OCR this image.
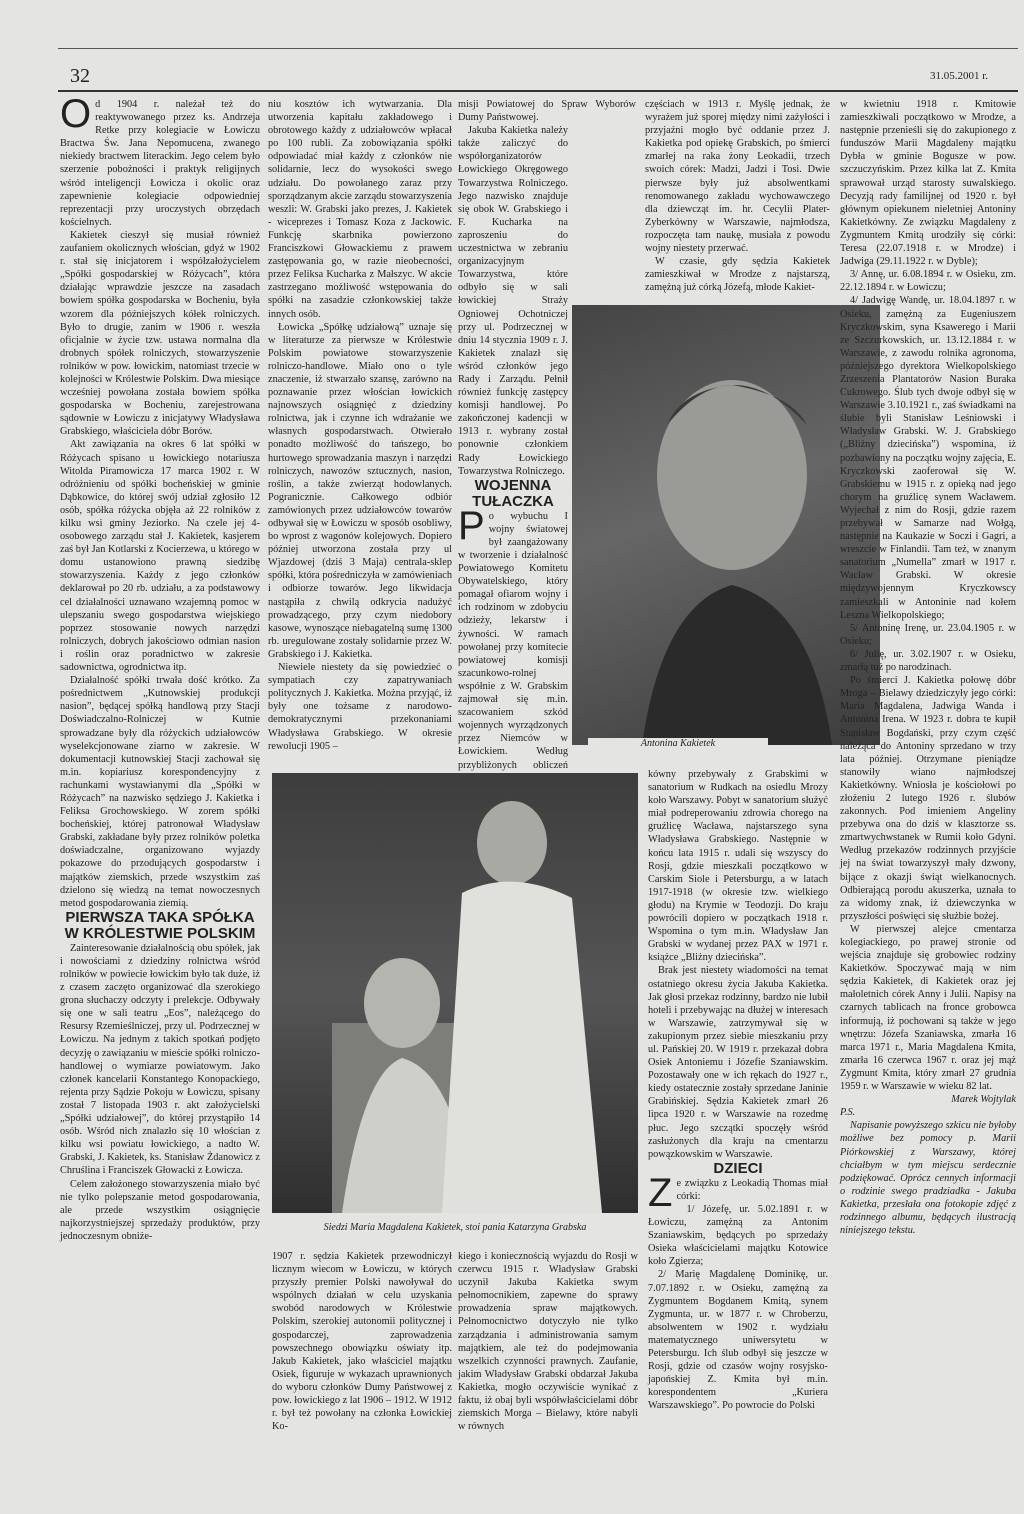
32	31.05.2001 r.

Od 1904 r. należał też do reaktywowanego przez ks. Andrzeja Retke przy kolegiacie w Łowiczu Bractwa Św. Jana Nepomucena, zwanego niekiedy bractwem literackim. Jego celem było szerzenie pobożności i praktyk religijnych wśród inteligencji Łowicza i okolic oraz zapewnienie kolegiacie odpowiedniej reprezentacji przy uroczystych obrzędach kościelnych.

Kakietek cieszył się musiał również zaufaniem okolicznych włościan, gdyż w 1902 r. stał się inicjatorem i współzałożycielem „Spółki gospodarskiej w Różycach”, która działając wprawdzie jeszcze na zasadach bowiem spółka gospodarska w Bocheniu, była wzorem dla późniejszych kółek rolniczych. Było to drugie, zanim w 1906 r. weszła oficjalnie w życie tzw. ustawa normalna dla drobnych spółek rolniczych, stowarzyszenie rolników w pow. łowickim, natomiast trzecie w kolejności w Królestwie Polskim. Dwa miesiące wcześniej powołana została bowiem spółka gospodarska w Bocheniu, zarejestrowana sądownie w Łowiczu z inicjatywy Władysława Grabskiego, właściciela dóbr Borów.

Akt zawiązania na okres 6 lat spółki w Różycach spisano u łowickiego notariusza Witolda Piramowicza 17 marca 1902 r. W odróżnieniu od spółki bocheńskiej w gminie Dąbkowice, do której swój udział zgłosiło 12 osób, spółka różycka objęła aż 22 rolników z kilku wsi gminy Jeziorko. Na czele jej 4-osobowego zarządu stał J. Kakietek, kasjerem zaś był Jan Kotlarski z Kocierzewa, u którego w domu ustanowiono prawną siedzibę stowarzyszenia. Każdy z jego członków deklarował po 20 rb. udziału, a za podstawowy cel działalności uznawano wzajemną pomoc w ulepszaniu swego gospodarstwa wiejskiego poprzez stosowanie nowych narzędzi rolniczych, dobrych jakościowo odmian nasion i roślin oraz poradnictwo w zakresie sadownictwa, ogrodnictwa itp.

Działalność spółki trwała dość krótko. Za pośrednictwem „Kutnowskiej produkcji nasion”, będącej spółką handlową przy Stacji Doświadczalno-Rolniczej w Kutnie sprowadzane były dla różyckich udziałowców wyselekcjonowane ziarno w zakresie. W dokumentacji kutnowskiej Stacji zachował się m.in. kopiariusz korespondencyjny z rachunkami wystawianymi dla „Spółki w Różycach” na nazwisko sędziego J. Kakietka i Feliksa Grochowskiego. W zorem spółki bocheńskiej, której patronował Władysław Grabski, zakładane były przez rolników poletka doświadczalne, organizowano wyjazdy pokazowe do przodujących gospodarstw i majątków ziemskich, przede wszystkim zaś dzielono się wiedzą na temat nowoczesnych metod gospodarowania ziemią.

PIERWSZA TAKA SPÓŁKA W KRÓLESTWIE POLSKIM

Zainteresowanie działalnością obu spółek, jak i nowościami z dziedziny rolnictwa wśród rolników w powiecie łowickim było tak duże, iż z czasem zaczęto organizować dla szerokiego grona słuchaczy odczyty i prelekcje. Odbywały się one w sali teatru „Eos”, należącego do Resursy Rzemieślniczej, przy ul. Podrzecznej w Łowiczu. Na jednym z takich spotkań podjęto decyzję o zawiązaniu w mieście spółki rolniczo-handlowej o wymiarze powiatowym. Jako członek kancelarii Konstantego Konopackiego, rejenta przy Sądzie Pokoju w Łowiczu, spisany został 7 listopada 1903 r. akt założycielski „Spółki udziałowej”, do której przystąpiło 14 osób. Wśród nich znalazło się 10 włościan z kilku wsi powiatu łowickiego, a nadto W. Grabski, J. Kakietek, ks. Stanisław Żdanowicz z Chruślina i Franciszek Głowacki z Łowicza.

Celem założonego stowarzyszenia miało być nie tylko polepszanie metod gospodarowania, ale przede wszystkim osiągnięcie najkorzystniejszej sprzedaży produktów, przy jednoczesnym obniże-

niu kosztów ich wytwarzania. Dla utworzenia kapitału zakładowego i obrotowego każdy z udziałowców wpłacał po 100 rubli. Za zobowiązania spółki odpowiadać miał każdy z członków nie solidarnie, lecz do wysokości swego udziału. Do powołanego zaraz przy sporządzanym akcie zarządu stowarzyszenia weszli: W. Grabski jako prezes, J. Kakietek - wiceprezes i Tomasz Koza z Jackowic. Funkcję skarbnika powierzono Franciszkowi Głowackiemu z prawem zastępowania go, w razie nieobecności, przez Feliksa Kucharka z Małszyc. W akcie zastrzegano możliwość wstępowania do spółki na zasadzie członkowskiej także innych osób.

Łowicka „Spółkę udziałową” uznaje się w literaturze za pierwsze w Królestwie Polskim powiatowe stowarzyszenie rolniczo-handlowe. Miało ono o tyle znaczenie, iż stwarzało szansę, zarówno na poznawanie przez włościan łowickich najnowszych osiągnięć z dziedziny rolnictwa, jak i czynne ich wdrażanie we własnych gospodarstwach. Otwierało ponadto możliwość do tańszego, bo hurtowego sprowadzania maszyn i narzędzi rolniczych, nawozów sztucznych, nasion, roślin, a także zwierząt hodowlanych. Pogranicznie. Całkowego odbiór zamówionych przez udziałowców towarów odbywał się w Łowiczu w sposób osobliwy, bo wprost z wagonów kolejowych. Dopiero później utworzona została przy ul Wjazdowej (dziś 3 Maja) centrala-sklep spółki, która pośredniczyła w zamówieniach i odbiorze towarów. Jego likwidacja nastąpiła z chwilą odkrycia nadużyć prowadzącego, przy czym niedobory kasowe, wynoszące niebagatelną sumę 1300 rb. uregulowane zostały solidarnie przez W. Grabskiego i J. Kakietka.

Niewiele niestety da się powiedzieć o sympatiach czy zapatrywaniach politycznych J. Kakietka. Można przyjąć, iż były one tożsame z narodowo-demokratycznymi przekonaniami Władysława Grabskiego. W okresie rewolucji 1905 –

misji Powiatowej do Spraw Wyborów Dumy Państwowej.

Jakuba Kakietka należy także zaliczyć do współorganizatorów Łowickiego Okręgowego Towarzystwa Rolniczego. Jego nazwisko znajduje się obok W. Grabskiego i F. Kucharka na zaproszeniu do uczestnictwa w zebraniu organizacyjnym Towarzystwa, które odbyło się w sali łowickiej Straży Ogniowej Ochotniczej przy ul. Podrzecznej w dniu 14 stycznia 1909 r. J. Kakietek znalazł się wśród członków jego Rady i Zarządu. Pełnił również funkcję zastępcy komisji handlowej. Po zakończonej kadencji w 1913 r. wybrany został ponownie członkiem Rady Łowickiego Towarzystwa Rolniczego.

WOJENNA TUŁACZKA

Po wybuchu I wojny światowej był zaangażowany w tworzenie i działalność Powiatowego Komitetu Obywatelskiego, który pomagał ofiarom wojny i ich rodzinom w zdobyciu odzieży, lekarstw i żywności. W ramach powołanej przy komitecie powiatowej komisji szacunkowo-rolnej współnie z W. Grabskim zajmował się m.in. szacowaniem szkód wojennych wyrządzonych przez Niemców w Łowickiem. Według przybliżonych obliczeń

częściach w 1913 r. Myślę jednak, że wyrażem już sporej między nimi zażyłości i przyjaźni mogło być oddanie przez J. Kakietka pod opiekę Grabskich, po śmierci zmarłej na raka żony Leokadii, trzech swoich córek: Madzi, Jadzi i Tosi. Dwie pierwsze były już absolwentkami renomowanego zakładu wychowawczego dla dziewcząt im. hr. Cecylii Plater-Zyberkówny w Warszawie, najmłodsza, rozpoczęta tam naukę, musiała z powodu wojny niestety przerwać.

W czasie, gdy sędzia Kakietek zamieszkiwał w Mrodze z najstarszą, zamężną już córką Józefą, młode Kakiet-

Antonina Kakietek

kówny przebywały z Grabskimi w sanatorium w Rudkach na osiedlu Mrozy koło Warszawy. Pobyt w sanatorium służyć miał podreperowaniu zdrowia chorego na gruźlicę Wacława, najstarszego syna Władysława Grabskiego. Następnie w końcu lata 1915 r. udali się wszyscy do Rosji, gdzie mieszkali początkowo w Carskim Siole i Petersburgu, a w latach 1917-1918 (w okresie tzw. wielkiego głodu) na Krymie w Teodozji. Do kraju powrócili dopiero w początkach 1918 r. Wspomina o tym m.in. Władysław Jan Grabski w wydanej przez PAX w 1971 r. książce „Bliżny dziecińska”.

Brak jest niestety wiadomości na temat ostatniego okresu życia Jakuba Kakietka. Jak głosi przekaz rodzinny, bardzo nie lubił hoteli i przebywając na dłużej w interesach w Warszawie, zatrzymywał się w zakupionym przez siebie mieszkaniu przy ul. Pańskiej 20. W 1919 r. przekazał dobra Osiek Antoniemu i Józefie Szaniawskim. Pozostawały one w ich rękach do 1927 r., kiedy ostatecznie zostały sprzedane Janinie Grabińskiej. Sędzia Kakietek zmarł 26 lipca 1920 r. w Warszawie na rozedmę płuc. Jego szczątki spoczęły wśród zasłużonych dla kraju na cmentarzu powązkowskim w Warszawie.

DZIECI

Ze związku z Leokadią Thomas miał córki:

1/ Józefę, ur. 5.02.1891 r. w Łowiczu, zamężną za Antonim Szaniawskim, będących po sprzedaży Osieka właścicielami majątku Kotowice koło Zgierza;

2/ Marię Magdalenę Dominikę, ur. 7.07.1892 r. w Osieku, zamężną za Zygmuntem Bogdanem Kmitą, synem Zygmunta, ur. w 1877 r. w Chroberzu, absolwentem w 1902 r. wydziału matematycznego uniwersytetu w Petersburgu. Ich ślub odbył się jeszcze w Rosji, gdzie od czasów wojny rosyjsko-japońskiej Z. Kmita był m.in. korespondentem „Kuriera Warszawskiego”. Po powrocie do Polski

w kwietniu 1918 r. Kmitowie zamieszkiwali początkowo w Mrodze, a następnie przenieśli się do zakupionego z funduszów Marii Magdaleny majątku Dybła w gminie Bogusze w pow. szczuczyńskim. Przez kilka lat Z. Kmita sprawował urząd starosty suwalskiego. Decyzją rady familijnej od 1920 r. był głównym opiekunem nieletniej Antoniny Kakietkówny. Ze związku Magdaleny z Zygmuntem Kmitą urodziły się córki: Teresa (22.07.1918 r. w Mrodze) i Jadwiga (29.11.1922 r. w Dyble);

3/ Annę, ur. 6.08.1894 r. w Osieku, zm. 22.12.1894 r. w Łowiczu;

4/ Jadwigę Wandę, ur. 18.04.1897 r. w Osieku, zamężną za Eugeniuszem Kryczkowskim, syna Ksawerego i Marii ze Szczurkowskich, ur. 13.12.1884 r. w Warszawie, z zawodu rolnika agronoma, późniejszego dyrektora Wielkopolskiego Zrzeszenia Plantatorów Nasion Buraka Cukrowego. Ślub tych dwoje odbył się w Warszawie 3.10.1921 r., zaś świadkami na ślubie byli Stanisław Leśniowski i Władysław Grabski. W. J. Grabskiego („Bliżny dziecińska”) wspomina, iż pozbawiony na początku wojny zajęcia, E. Kryczkowski zaoferował się W. Grabskiemu w 1915 r. z opieką nad jego chorym na gruźlicę synem Wacławem. Wyjechał z nim do Rosji, gdzie razem przebywał w Samarze nad Wołgą, następnie na Kaukazie w Soczi i Gagri, a wreszcie w Finlandii. Tam też, w znanym sanatorium „Numella” zmarł w 1917 r. Wacław Grabski. W okresie międzywojennym Kryczkowscy zamieszkali w Antoninie nad kołem Leszna Wielkopolskiego;

5/ Antoninę Irenę, ur. 23.04.1905 r. w Osieku;

6/ Julię, ur. 3.02.1907 r. w Osieku, zmarłą tuż po narodzinach.

Po śmierci J. Kakietka połowę dóbr Mroga – Bielawy dziedziczyły jego córki: Maria Magdalena, Jadwiga Wanda i Antonina Irena. W 1923 r. dobra te kupił Stanisław Bogdański, przy czym część należąca do Antoniny sprzedano w trzy lata później. Otrzymane pieniądze stanowiły wiano najmłodszej Kakietkówny. Wniosła je kościołowi po złożeniu 2 lutego 1926 r. ślubów zakonnych. Pod imieniem Angeliny przebywa ona do dziś w klasztorze ss. zmartwychwstanek w Rumii koło Gdyni. Według przekazów rodzinnych przyjście jej na świat towarzyszył mały dzwony, bijące z okazji świąt wielkanocnych. Odbierającą porodu akuszerka, uznała to za widomy znak, iż dziewczynka w przyszłości poświęci się służbie bożej.

W pierwszej alejce cmentarza kolegiackiego, po prawej stronie od wejścia znajduje się grobowiec rodziny Kakietków. Spoczywać mają w nim sędzia Kakietek, di Kakietek oraz jej małoletnich córek Anny i Julii. Napisy na czarnych tablicach na fronce grobowca informują, iż pochowani są także w jego wnętrzu: Józefa Szaniawska, zmarła 16 marca 1971 r., Maria Magdalena Kmita, zmarła 16 czerwca 1967 r. oraz jej mąż Zygmunt Kmita, który zmarł 27 grudnia 1959 r. w Warszawie w wieku 82 lat.

Marek Wojtylak

P.S.

Napisanie powyższego szkicu nie byłoby możliwe bez pomocy p. Marii Piórkowskiej z Warszawy, której chciałbym w tym miejscu serdecznie podziękować. Oprócz cennych informacji o rodzinie swego pradziadka - Jakuba Kakietka, przesłała ona fotokopie zdjęć z rodzinnego albumu, będących ilustracją niniejszego tekstu.

Siedzi Maria Magdalena Kakietek, stoi pania Katarzyna Grabska

1907 r. sędzia Kakietek przewodniczył licznym wiecom w Łowiczu, w których przyszły premier Polski nawoływał do wspólnych działań w celu uzyskania swobód narodowych w Królestwie Polskim, szerokiej autonomii politycznej i gospodarczej, zaprowadzenia powszechnego obowiązku oświaty itp. Jakub Kakietek, jako właściciel majątku Osiek, figuruje w wykazach uprawnionych do wyboru członków Dumy Państwowej z pow. łowickiego z lat 1906 – 1912. W 1912 r. był też powołany na członka Łowickiej Ko-

kiego i koniecznością wyjazdu do Rosji w czerwcu 1915 r. Władysław Grabski uczynił Jakuba Kakietka swym pełnomocnikiem, zapewne do sprawy prowadzenia spraw majątkowych. Pełnomocnictwo dotyczyło nie tylko zarządzania i administrowania samym majątkiem, ale też do podejmowania wszelkich czynności prawnych. Zaufanie, jakim Władysław Grabski obdarzał Jakuba Kakietka, mogło oczywiście wynikać z faktu, iż obaj byli współwłaścicielami dóbr ziemskich Morga – Bielawy, które nabyli w równych
